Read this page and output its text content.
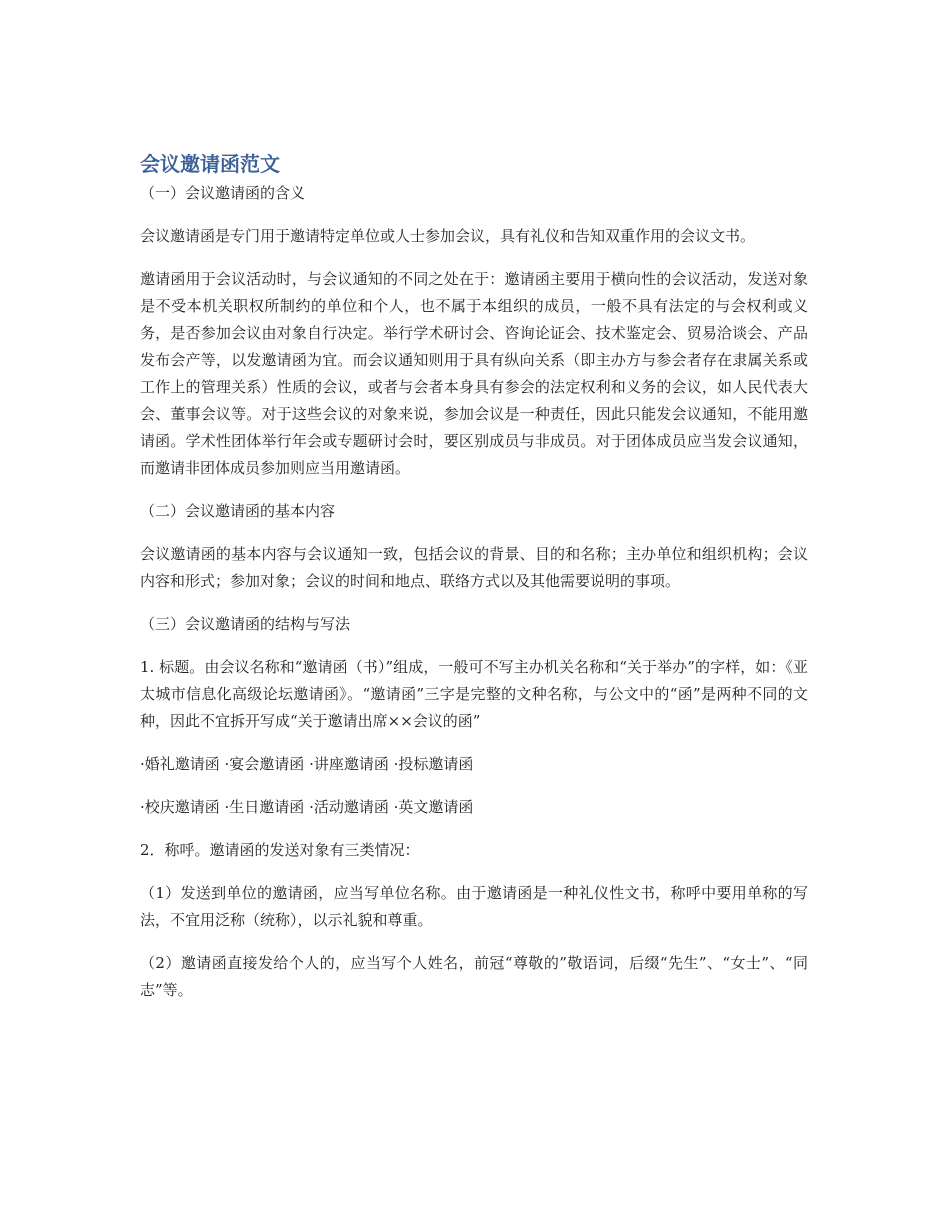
会议邀请函范文

（一）会议邀请函的含义

会议邀请函是专门用于邀请特定单位或人士参加会议，具有礼仪和告知双重作用的会议文书。

邀请函用于会议活动时，与会议通知的不同之处在于：邀请函主要用于横向性的会议活动，发送对象是不受本机关职权所制约的单位和个人，也不属于本组织的成员，一般不具有法定的与会权利或义务，是否参加会议由对象自行决定。举行学术研讨会、咨询论证会、技术鉴定会、贸易洽谈会、产品发布会产等，以发邀请函为宜。而会议通知则用于具有纵向关系（即主办方与参会者存在隶属关系或工作上的管理关系）性质的会议，或者与会者本身具有参会的法定权利和义务的会议，如人民代表大会、董事会议等。对于这些会议的对象来说，参加会议是一种责任，因此只能发会议通知，不能用邀请函。学术性团体举行年会或专题研讨会时，要区别成员与非成员。对于团体成员应当发会议通知，而邀请非团体成员参加则应当用邀请函。

（二）会议邀请函的基本内容

会议邀请函的基本内容与会议通知一致，包括会议的背景、目的和名称；主办单位和组织机构；会议内容和形式；参加对象；会议的时间和地点、联络方式以及其他需要说明的事项。

（三）会议邀请函的结构与写法

1. 标题。由会议名称和“邀请函（书）”组成，一般可不写主办机关名称和“关于举办”的字样，如：《亚太城市信息化高级论坛邀请函》。“邀请函”三字是完整的文种名称，与公文中的“函”是两种不同的文种，因此不宜拆开写成“关于邀请出席××会议的函”

·婚礼邀请函 ·宴会邀请函 ·讲座邀请函 ·投标邀请函

·校庆邀请函 ·生日邀请函 ·活动邀请函 ·英文邀请函

2．称呼。邀请函的发送对象有三类情况：

（1）发送到单位的邀请函，应当写单位名称。由于邀请函是一种礼仪性文书，称呼中要用单称的写法，不宜用泛称（统称），以示礼貌和尊重。

（2）邀请函直接发给个人的，应当写个人姓名，前冠“尊敬的”敬语词，后缀“先生”、“女士”、“同志”等。
